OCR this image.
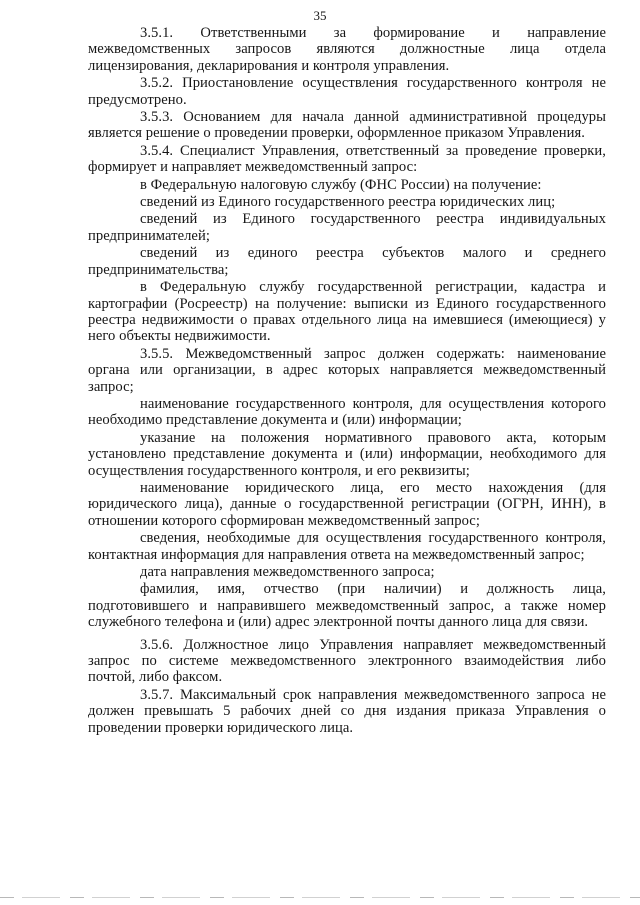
35

3.5.1. Ответственными за формирование и направление межведомственных запросов являются должностные лица отдела лицензирования, декларирования и контроля управления.

3.5.2. Приостановление осуществления государственного контроля не предусмотрено.

3.5.3. Основанием для начала данной административной процедуры является решение о проведении проверки, оформленное приказом Управления.

3.5.4. Специалист Управления, ответственный за проведение проверки, формирует и направляет межведомственный запрос:

в Федеральную налоговую службу (ФНС России) на получение:

сведений из Единого государственного реестра юридических лиц;

сведений из Единого государственного реестра индивидуальных предпринимателей;

сведений из единого реестра субъектов малого и среднего предпринимательства;

в Федеральную службу государственной регистрации, кадастра и картографии (Росреестр) на получение: выписки из Единого государственного реестра недвижимости о правах отдельного лица на имевшиеся (имеющиеся) у него объекты недвижимости.

3.5.5. Межведомственный запрос должен содержать: наименование органа или организации, в адрес которых направляется межведомственный запрос;

наименование государственного контроля, для осуществления которого необходимо представление документа и (или) информации;

указание на положения нормативного правового акта, которым установлено представление документа и (или) информации, необходимого для осуществления государственного контроля, и его реквизиты;

наименование юридического лица, его место нахождения (для юридического лица), данные о государственной регистрации (ОГРН, ИНН), в отношении которого сформирован межведомственный запрос;

сведения, необходимые для осуществления государственного контроля, контактная информация для направления ответа на межведомственный запрос;

дата направления межведомственного запроса;

фамилия, имя, отчество (при наличии) и должность лица, подготовившего и направившего межведомственный запрос, а также номер служебного телефона и (или) адрес электронной почты данного лица для связи.

3.5.6. Должностное лицо Управления направляет межведомственный запрос по системе межведомственного электронного взаимодействия либо почтой, либо факсом.

3.5.7. Максимальный срок направления межведомственного запроса не должен превышать 5 рабочих дней со дня издания приказа Управления о проведении проверки юридического лица.
